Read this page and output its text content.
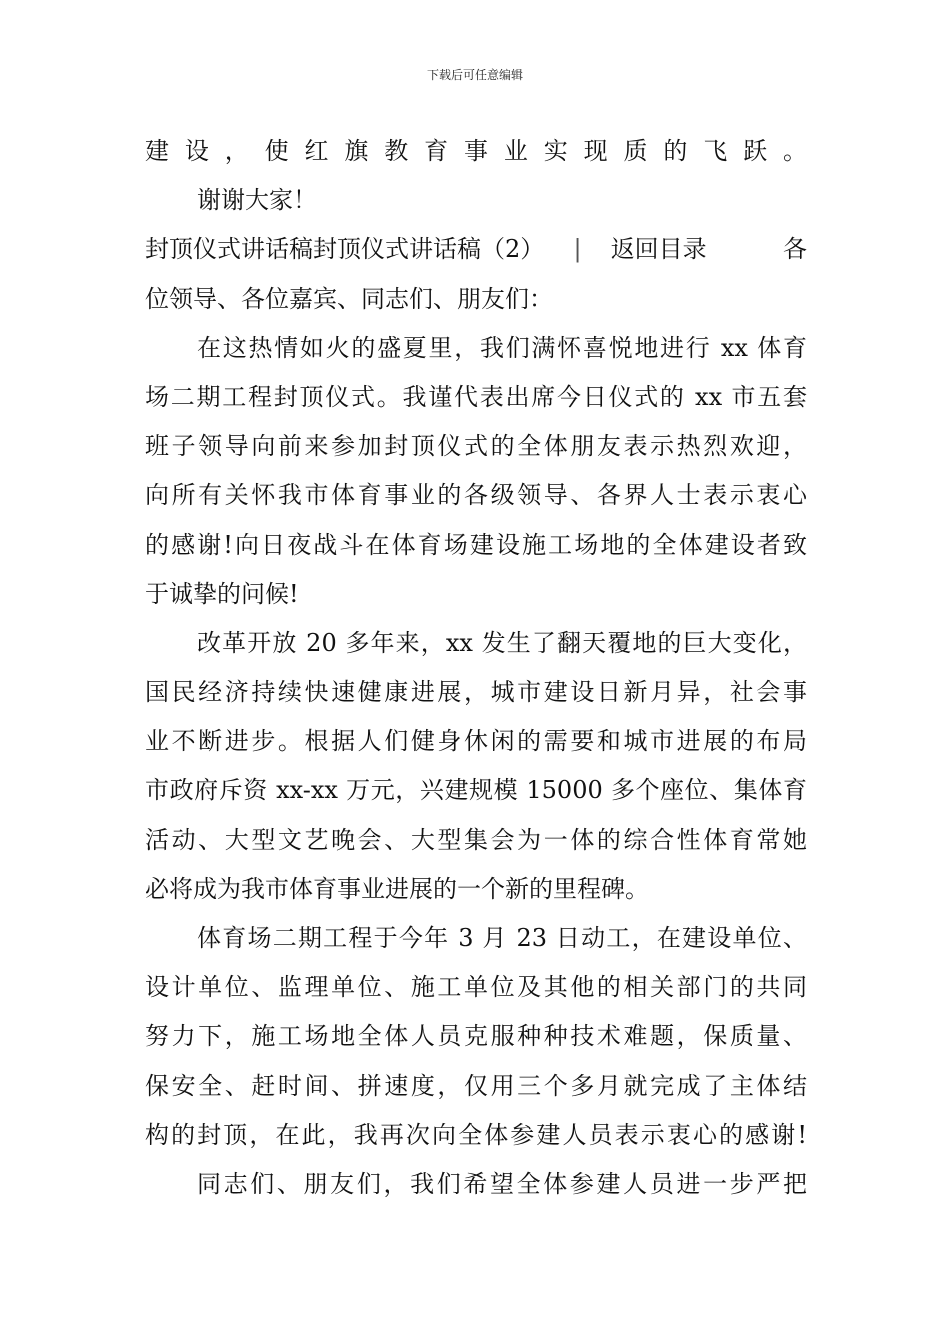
下载后可任意编辑
建设，使红旗教育事业实现质的飞跃。
谢谢大家！
封顶仪式讲话稿封顶仪式讲话稿（2） | 返回目录	各
位领导、各位嘉宾、同志们、朋友们：
在这热情如火的盛夏里，我们满怀喜悦地进行 xx 体育
场二期工程封顶仪式。我谨代表出席今日仪式的 xx 市五套
班子领导向前来参加封顶仪式的全体朋友表示热烈欢迎，
向所有关怀我市体育事业的各级领导、各界人士表示衷心
的感谢!向日夜战斗在体育场建设施工场地的全体建设者致
于诚挚的问候!
改革开放 20 多年来，xx 发生了翻天覆地的巨大变化，
国民经济持续快速健康进展，城市建设日新月异，社会事
业不断进步。根据人们健身休闲的需要和城市进展的布局
市政府斥资 xx-xx 万元，兴建规模 15000 多个座位、集体育
活动、大型文艺晚会、大型集会为一体的综合性体育常她
必将成为我市体育事业进展的一个新的里程碑。
体育场二期工程于今年 3 月 23 日动工，在建设单位、
设计单位、监理单位、施工单位及其他的相关部门的共同
努力下，施工场地全体人员克服种种技术难题，保质量、
保安全、赶时间、拼速度，仅用三个多月就完成了主体结
构的封顶，在此，我再次向全体参建人员表示衷心的感谢!
同志们、朋友们，我们希望全体参建人员进一步严把
